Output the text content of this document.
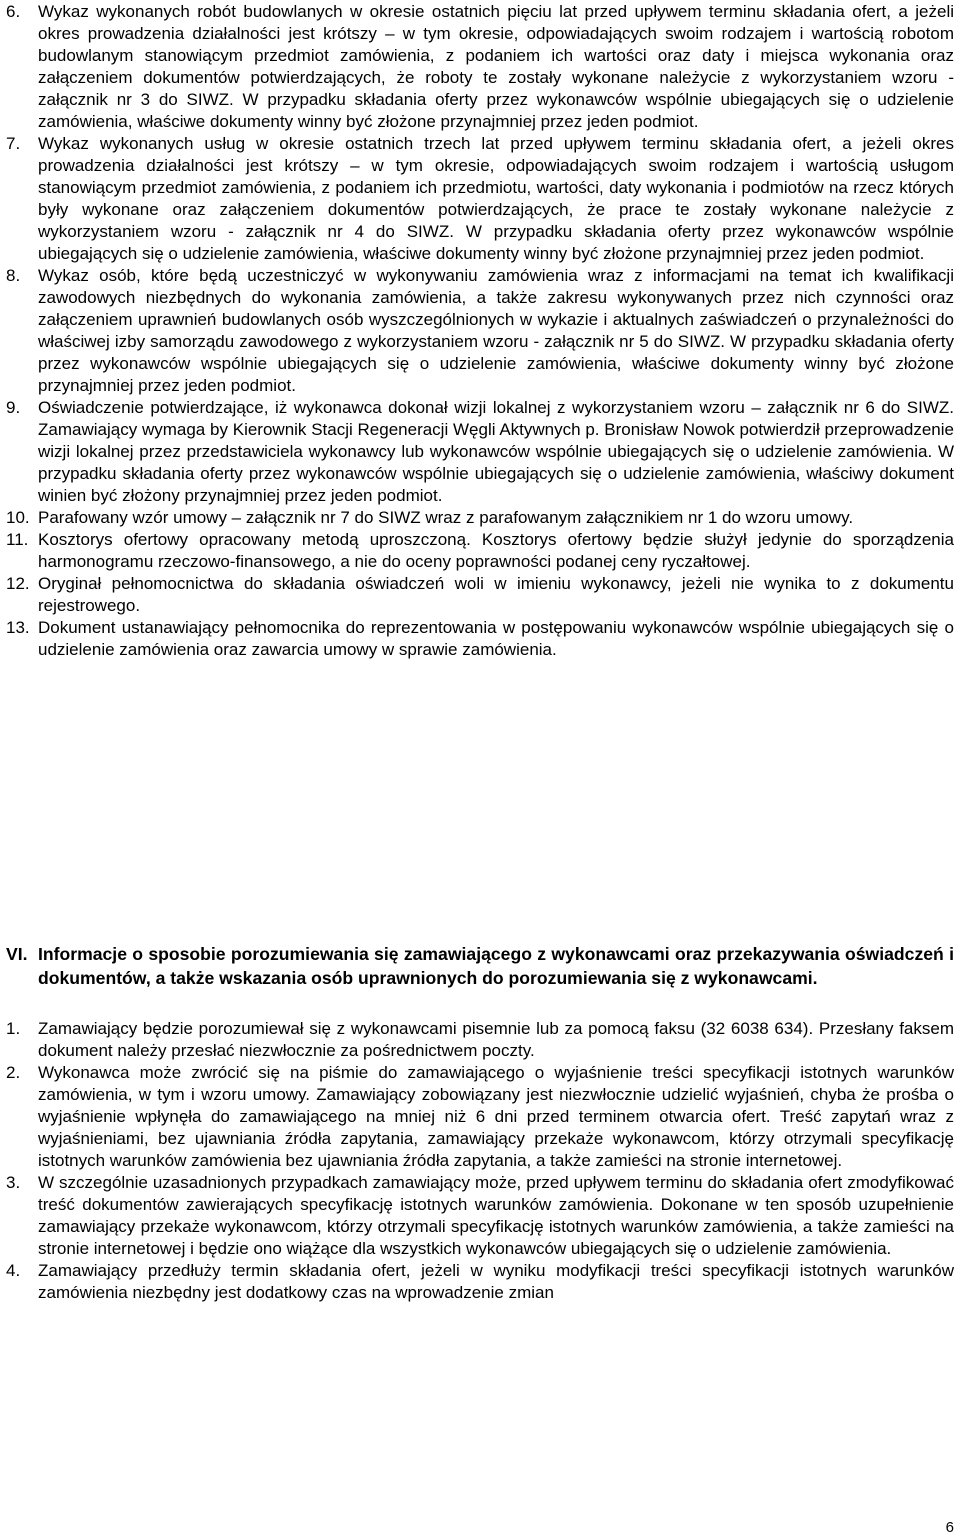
6.	Wykaz wykonanych robót budowlanych w okresie ostatnich pięciu lat przed upływem terminu składania ofert, a jeżeli okres prowadzenia działalności jest krótszy – w tym okresie, odpowiadających swoim rodzajem i wartością robotom budowlanym stanowiącym przedmiot zamówienia, z podaniem ich wartości oraz daty i miejsca wykonania oraz załączeniem dokumentów potwierdzających, że roboty te zostały wykonane należycie z wykorzystaniem wzoru - załącznik nr 3 do SIWZ. W przypadku składania oferty przez wykonawców wspólnie ubiegających się o udzielenie zamówienia, właściwe dokumenty winny być złożone przynajmniej przez jeden podmiot.
7.	Wykaz wykonanych usług w okresie ostatnich trzech lat przed upływem terminu składania ofert, a jeżeli okres prowadzenia działalności jest krótszy – w tym okresie, odpowiadających swoim rodzajem i wartością usługom stanowiącym przedmiot zamówienia, z podaniem ich przedmiotu, wartości, daty wykonania i podmiotów na rzecz których były wykonane oraz załączeniem dokumentów potwierdzających, że prace te zostały wykonane należycie z wykorzystaniem wzoru - załącznik nr 4 do SIWZ. W przypadku składania oferty przez wykonawców wspólnie ubiegających się o udzielenie zamówienia, właściwe dokumenty winny być złożone przynajmniej przez jeden podmiot.
8.	Wykaz osób, które będą uczestniczyć w wykonywaniu zamówienia wraz z informacjami na temat ich kwalifikacji zawodowych niezbędnych do wykonania zamówienia, a także zakresu wykonywanych przez nich czynności oraz załączeniem uprawnień budowlanych osób wyszczególnionych w wykazie i aktualnych zaświadczeń o przynależności do właściwej izby samorządu zawodowego z wykorzystaniem wzoru - załącznik nr 5 do SIWZ. W przypadku składania oferty przez wykonawców wspólnie ubiegających się o udzielenie zamówienia, właściwe dokumenty winny być złożone przynajmniej przez jeden podmiot.
9.	Oświadczenie potwierdzające, iż wykonawca dokonał wizji lokalnej z wykorzystaniem wzoru – załącznik nr 6 do SIWZ. Zamawiający wymaga by Kierownik Stacji Regeneracji Węgli Aktywnych p. Bronisław Nowok potwierdził przeprowadzenie wizji lokalnej przez przedstawiciela wykonawcy lub wykonawców wspólnie ubiegających się o udzielenie zamówienia. W przypadku składania oferty przez wykonawców wspólnie ubiegających się o udzielenie zamówienia, właściwy dokument winien być złożony przynajmniej przez jeden podmiot.
10. Parafowany wzór umowy – załącznik nr 7 do SIWZ wraz z parafowanym załącznikiem nr 1 do wzoru umowy.
11. Kosztorys ofertowy opracowany metodą uproszczoną. Kosztorys ofertowy będzie służył jedynie do sporządzenia harmonogramu rzeczowo-finansowego, a nie do oceny poprawności podanej ceny ryczałtowej.
12. Oryginał pełnomocnictwa do składania oświadczeń woli w imieniu wykonawcy, jeżeli nie wynika to z dokumentu rejestrowego.
13. Dokument ustanawiający pełnomocnika do reprezentowania w postępowaniu wykonawców wspólnie ubiegających się o udzielenie zamówienia oraz zawarcia umowy w sprawie zamówienia.
VI. Informacje o sposobie porozumiewania się zamawiającego z wykonawcami oraz przekazywania oświadczeń i dokumentów, a także wskazania osób uprawnionych do porozumiewania się z wykonawcami.
1.	Zamawiający będzie porozumiewał się z wykonawcami pisemnie lub za pomocą faksu (32 6038 634). Przesłany faksem dokument należy przesłać niezwłocznie za pośrednictwem poczty.
2.	Wykonawca może zwrócić się na piśmie do zamawiającego o wyjaśnienie treści specyfikacji istotnych warunków zamówienia, w tym i wzoru umowy. Zamawiający zobowiązany jest niezwłocznie udzielić wyjaśnień, chyba że prośba o wyjaśnienie wpłynęła do zamawiającego na mniej niż 6 dni przed terminem otwarcia ofert. Treść zapytań wraz z wyjaśnieniami, bez ujawniania źródła zapytania, zamawiający przekaże wykonawcom, którzy otrzymali specyfikację istotnych warunków zamówienia bez ujawniania źródła zapytania, a także zamieści na stronie internetowej.
3.	W szczególnie uzasadnionych przypadkach zamawiający może, przed upływem terminu do składania ofert zmodyfikować treść dokumentów zawierających specyfikację istotnych warunków zamówienia. Dokonane w ten sposób uzupełnienie zamawiający przekaże wykonawcom, którzy otrzymali specyfikację istotnych warunków zamówienia, a także zamieści na stronie internetowej i będzie ono wiążące dla wszystkich wykonawców ubiegających się o udzielenie zamówienia.
4.	Zamawiający przedłuży termin składania ofert, jeżeli w wyniku modyfikacji treści specyfikacji istotnych warunków zamówienia niezbędny jest dodatkowy czas na wprowadzenie zmian
6
